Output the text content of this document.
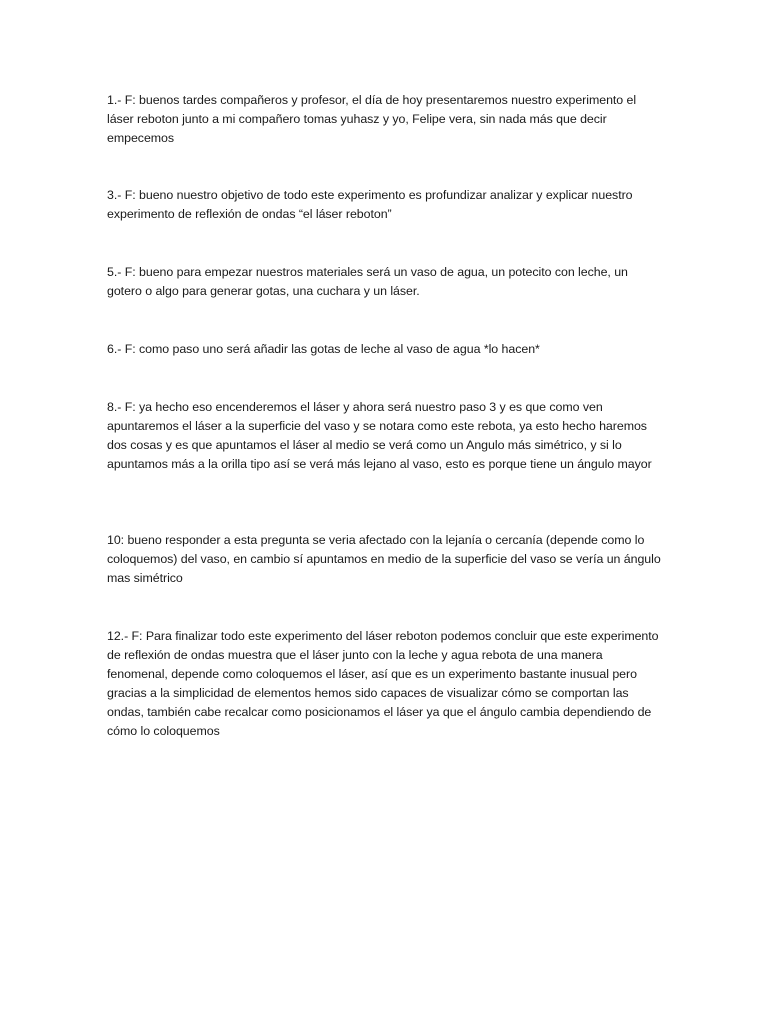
1.- F: buenos tardes compañeros y profesor, el día de hoy presentaremos nuestro experimento el láser reboton junto a mi compañero tomas yuhasz y yo, Felipe vera, sin nada más que decir empecemos

3.- F: bueno nuestro objetivo de todo este experimento es profundizar analizar y explicar nuestro experimento de reflexión de ondas “el láser reboton”

5.- F: bueno para empezar nuestros materiales será un vaso de agua, un potecito con leche, un gotero o algo para generar gotas, una cuchara y un láser.

6.- F: como paso uno será añadir las gotas de leche al vaso de agua *lo hacen*

8.- F: ya hecho eso encenderemos el láser y ahora será nuestro paso 3 y es que como ven apuntaremos el láser a la superficie del vaso y se notara como este rebota, ya esto hecho haremos dos cosas y es que apuntamos el láser al medio se verá como un Angulo más simétrico, y si lo apuntamos más a la orilla tipo así se verá más lejano al vaso, esto es porque tiene un ángulo mayor

10: bueno responder a esta pregunta se veria afectado con la lejanía o cercanía (depende como lo coloquemos) del vaso, en cambio sí apuntamos en medio de la superficie del vaso se vería un ángulo mas simétrico

12.- F: Para finalizar todo este experimento del láser reboton podemos concluir que este experimento de reflexión de ondas muestra que el láser junto con la leche y agua rebota de una manera fenomenal, depende como coloquemos el láser, así que es un experimento bastante inusual pero gracias a la simplicidad de elementos hemos sido capaces de visualizar cómo se comportan las ondas, también cabe recalcar como posicionamos el láser ya que el ángulo cambia dependiendo de cómo lo coloquemos
